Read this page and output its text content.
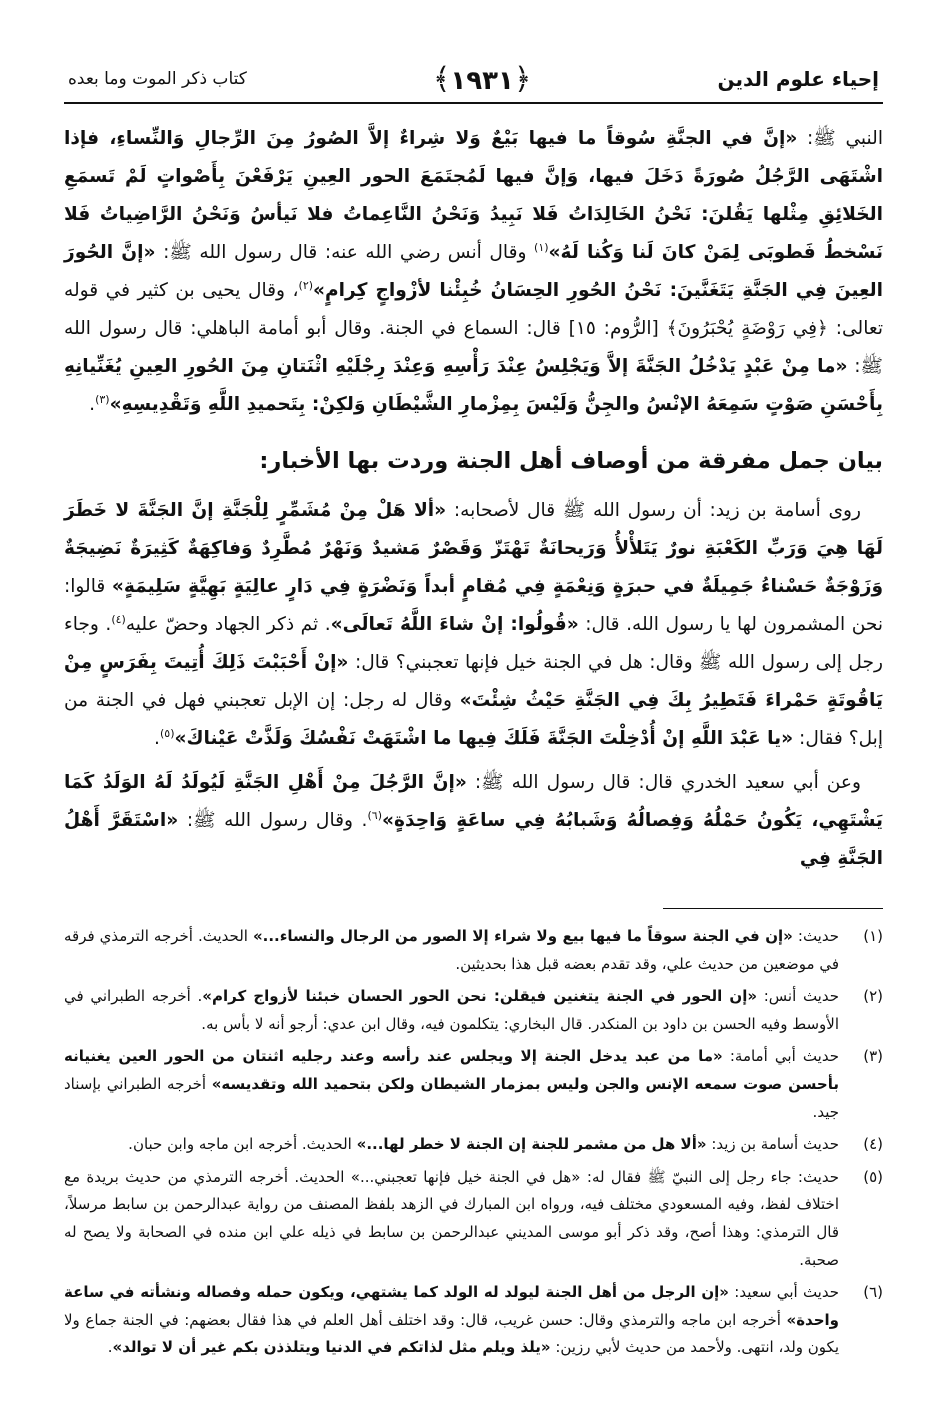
إحياء علوم الدين
﴿١٩٣١﴾
كتاب ذكر الموت وما بعده

النبي ﷺ: «إنَّ في الجنَّةِ سُوقاً ما فيها بَيْعٌ وَلا شِراءٌ إلاَّ الصُورُ مِنَ الرِّجالِ وَالنِّساءِ، فإذا اشْتَهَى الرَّجُلُ صُورَةً دَخَلَ فيها، وَإنَّ فيها لَمُجتَمَعَ الحور العِينِ يَرْفَعْنَ بِأَصْواتٍ لَمْ تَسمَعِ الخَلائِقِ مِثْلها يَقُلنَ: نَحْنُ الخَالِدَاتُ فَلا نَبِيدُ وَنَحْنُ النَّاعِماتُ فلا نَيأسُ وَنَحْنُ الرَّاضِياتُ فَلا نَسْخطُ فَطوبَى لِمَنْ كانَ لَنا وَكُنا لَهُ»$^{(١)}$ وقال أنس رضي الله عنه: قال رسول الله ﷺ: «إنَّ الحُورَ العِينَ فِي الجَنَّةِ يَتَغَنَّينَ: نَحْنُ الحُورِ الحِسَانُ خُبِئْنا لأزْواجٍ كِرامٍ»$^{(٢)}$، وقال يحيى بن كثير في قوله تعالى: ﴿فِي رَوْضَةٍ يُحْبَرُونَ﴾ [الرُّوم: ١٥] قال: السماع في الجنة. وقال أبو أمامة الباهلي: قال رسول الله ﷺ: «ما مِنْ عَبْدٍ يَدْخُلُ الجَنَّةَ إلاَّ وَيَجْلِسُ عِنْدَ رَأْسِهِ وَعِنْدَ رِجْلَيْهِ اثْنَتانِ مِنَ الحُورِ العِينِ يُغَنِّيانِهِ بِأَحْسَنِ صَوْتٍ سَمِعَهُ الإنْسُ والجِنُّ وَلَيْسَ بِمِزْمارِ الشَّيْطَانِ وَلكِنْ: بِتَحميدِ اللَّهِ وَتَقْدِيسِهِ»$^{(٣)}$.

بيان جمل مفرقة من أوصاف أهل الجنة وردت بها الأخبار:

روى أسامة بن زيد: أن رسول الله ﷺ قال لأصحابه: «ألا هَلْ مِنْ مُشَمِّرٍ لِلْجَنَّةِ إنَّ الجَنَّةَ لا خَطَرَ لَهَا هِيَ وَرَبِّ الكَعْبَةِ نورٌ يَتَلأْلأُ وَرَيحانَةٌ تَهْتَزّ وَقَصْرٌ مَشيدٌ وَنَهْرٌ مُطَّرِدٌ وَفاكِهَةٌ كَثِيرَةٌ نَضِيجَةٌ وَزَوْجَةٌ حَسْناءُ جَمِيلَةٌ في حبرَةٍ وَنِعْمَةٍ فِي مُقامٍ أبداً وَنَضْرَةٍ فِي دَارٍ عالِيَةٍ بَهِيَّةٍ سَلِيمَةٍ» قالوا: نحن المشمرون لها يا رسول الله. قال: «قُولُوا: إنْ شاءَ اللَّهُ تَعالَى». ثم ذكر الجهاد وحضّ عليه$^{(٤)}$. وجاء رجل إلى رسول الله ﷺ وقال: هل في الجنة خيل فإنها تعجبني؟ قال: «إنْ أَحْبَبْتَ ذَلِكَ أُتِيتَ بِفَرَسٍ مِنْ يَاقُوتَةٍ حَمْراءَ فَتَطِيرُ بِكَ فِي الجَنَّةِ حَيْثُ شِئْتَ» وقال له رجل: إن الإبل تعجبني فهل في الجنة من إبل؟ فقال: «يا عَبْدَ اللَّهِ إنْ أُدْخِلْتَ الجَنَّةَ فَلَكَ فِيها ما اشْتَهَتْ نَفْسُكَ وَلَذَّتْ عَيْناكَ»$^{(٥)}$.

وعن أبي سعيد الخدري قال: قال رسول الله ﷺ: «إنَّ الرَّجُلَ مِنْ أَهْلِ الجَنَّةِ لَيُولَدُ لَهُ الوَلَدُ كَمَا يَشْتَهِي، يَكُونُ حَمْلُهُ وَفِصالُهُ وَشَبابُهُ فِي ساعَةٍ وَاحِدَةٍ»$^{(٦)}$. وقال رسول الله ﷺ: «اسْتَقَرَّ أَهْلُ الجَنَّةِ فِي

(١)
حديث: «إن في الجنة سوقاً ما فيها بيع ولا شراء إلا الصور من الرجال والنساء...» الحديث. أخرجه الترمذي فرقه في موضعين من حديث علي، وقد تقدم بعضه قبل هذا بحديثين.
(٢)
حديث أنس: «إن الحور في الجنة يتغنين فيقلن: نحن الحور الحسان خبئنا لأزواج كرام». أخرجه الطبراني في الأوسط وفيه الحسن بن داود بن المنكدر. قال البخاري: يتكلمون فيه، وقال ابن عدي: أرجو أنه لا بأس به.
(٣)
حديث أبي أمامة: «ما من عبد يدخل الجنة إلا ويجلس عند رأسه وعند رجليه اثنتان من الحور العين يغنيانه بأحسن صوت سمعه الإنس والجن وليس بمزمار الشيطان ولكن بتحميد الله وتقديسه» أخرجه الطبراني بإسناد جيد.
(٤)
حديث أسامة بن زيد: «ألا هل من مشمر للجنة إن الجنة لا خطر لها...» الحديث. أخرجه ابن ماجه وابن حبان.
(٥)
حديث: جاء رجل إلى النبيّ ﷺ فقال له: «هل في الجنة خيل فإنها تعجبني...» الحديث. أخرجه الترمذي من حديث بريدة مع اختلاف لفظ، وفيه المسعودي مختلف فيه، ورواه ابن المبارك في الزهد بلفظ المصنف من رواية عبدالرحمن بن سابط مرسلاً، قال الترمذي: وهذا أصح، وقد ذكر أبو موسى المديني عبدالرحمن بن سابط في ذيله علي ابن منده في الصحابة ولا يصح له صحبة.
(٦)
حديث أبي سعيد: «إن الرجل من أهل الجنة ليولد له الولد كما يشتهي، ويكون حمله وفصاله ونشأته في ساعة واحدة» أخرجه ابن ماجه والترمذي وقال: حسن غريب، قال: وقد اختلف أهل العلم في هذا فقال بعضهم: في الجنة جماع ولا يكون ولد، انتهى. ولأحمد من حديث لأبي رزين: «يلذ ويلم مثل لذاتكم في الدنيا ويتلذذن بكم غير أن لا توالد».
